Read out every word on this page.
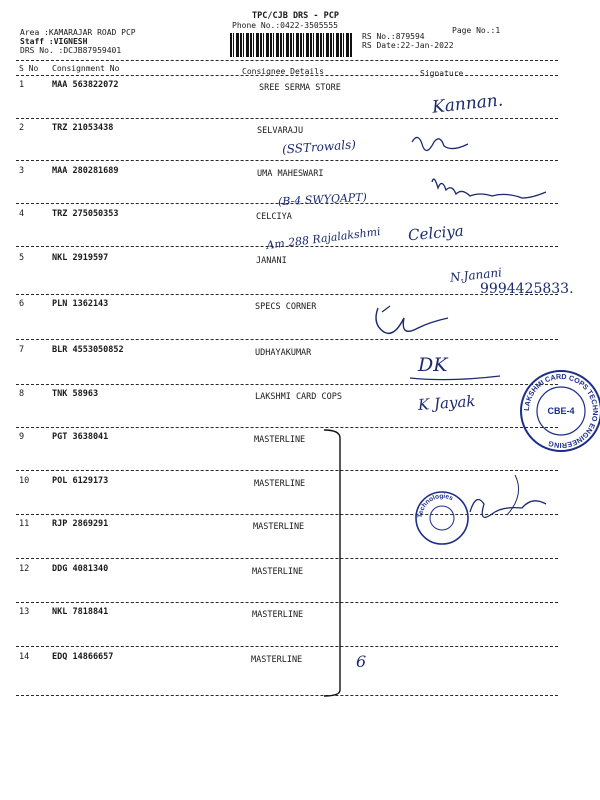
TPC/CJB DRS - PCP
Phone No.:0422-3505555
Area :KAMARAJAR ROAD PCP
Staff :VIGNESH
DRS No. :DCJB87959401
RS No.:879594
RS Date:22-Jan-2022
Page No.:1
S No Consignment No	Consignee Details	Signature
1	MAA 563822072	SREE SERMA STORE
2	TRZ 21053438	SELVARAJU
3	MAA 280281689	UMA MAHESWARI
4	TRZ 275050353	CELCIYA
5	NKL 2919597	JANANI
6	PLN 1362143	SPECS CORNER
7	BLR 4553050852	UDHAYAKUMAR
8	TNK 58963	LAKSHMI CARD COPS
9	PGT 3638041	MASTERLINE
10	POL 6129173	MASTERLINE
11	RJP 2869291	MASTERLINE
12	DDG 4081340	MASTERLINE
13	NKL 7818841	MASTERLINE
14	EDQ 14866657	MASTERLINE
Kannan.
(SSTrowals)
(B-4 SWYQAPT)
Am 288 Rajalakshmi Celciya
N.Janani
9994425833.
DK
K Jayak
6
LAKSHMI CARD COPS TECHNO ENGINEERING
CBE-4
Technologies
